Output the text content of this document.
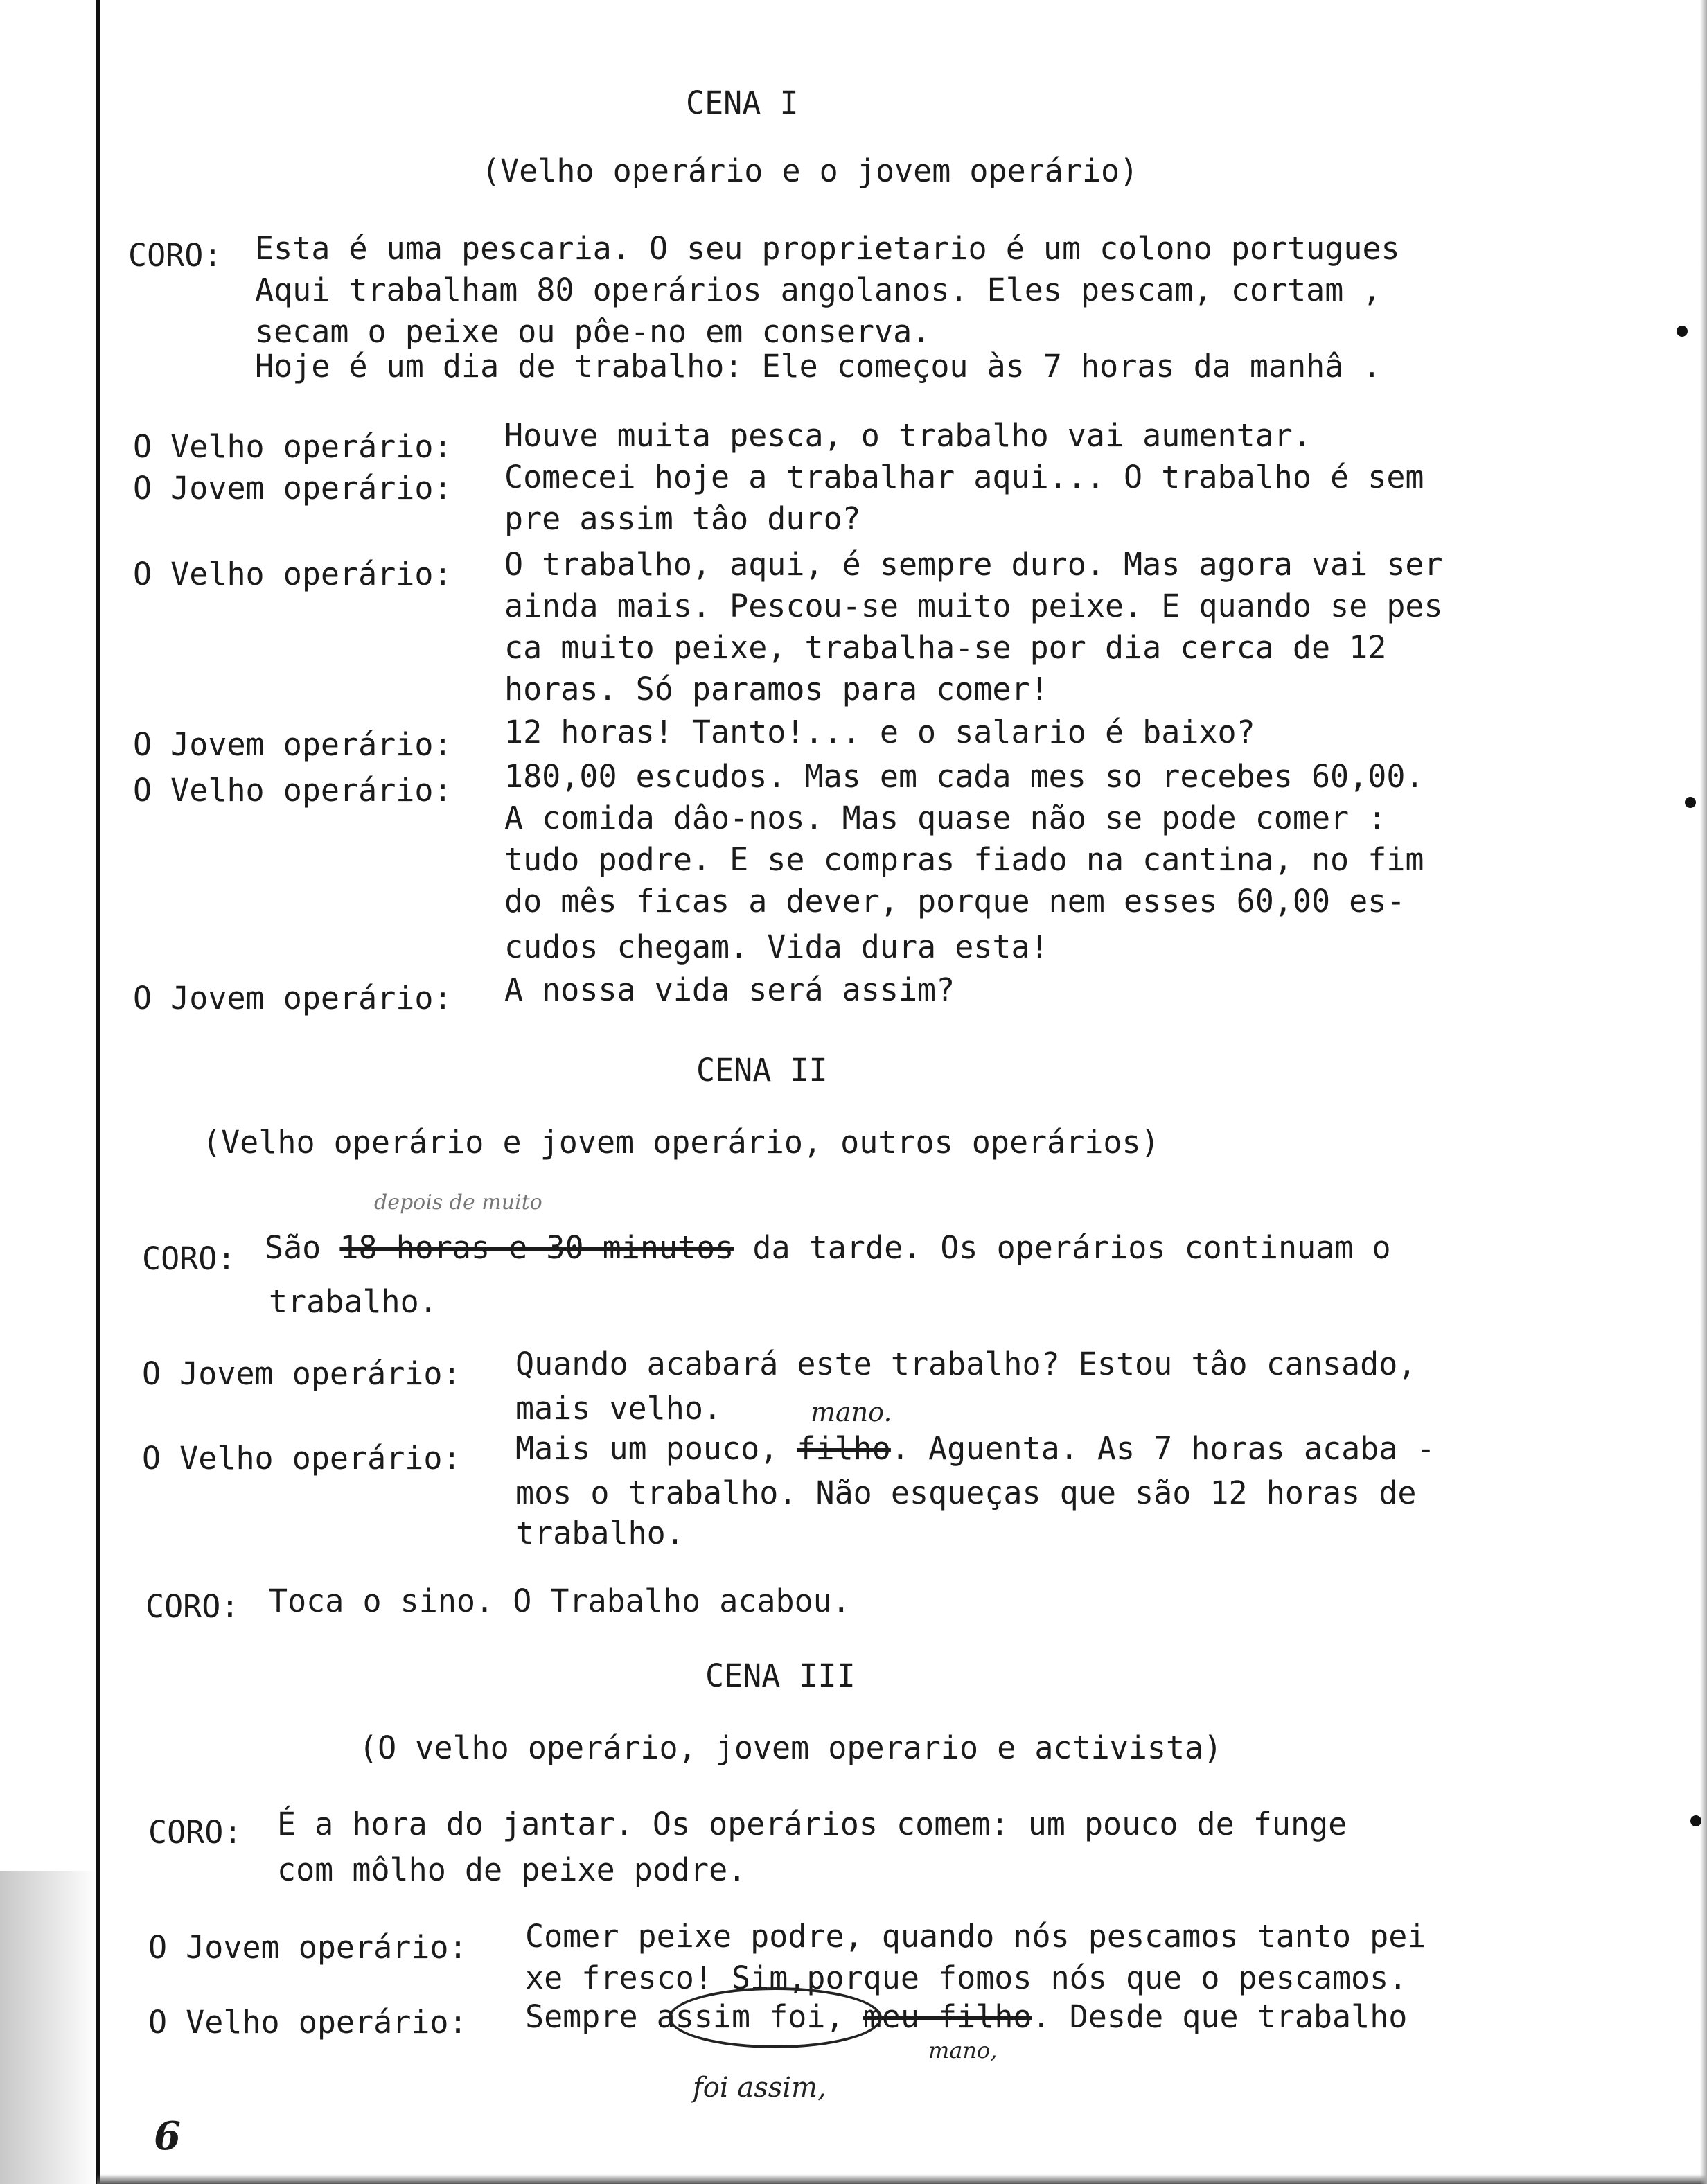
CENA I
(Velho operário e o jovem operário)
CORO: Esta é uma pescaria. O seu proprietario é um colono portugues
Aqui trabalham 80 operários angolanos. Eles pescam, cortam ,
secam o peixe ou pôe-no em conserva.
Hoje é um dia de trabalho: Ele começou às 7 horas da manhâ .
O Velho operário: Houve muita pesca, o trabalho vai aumentar.
O Jovem operário: Comecei hoje a trabalhar aqui... O trabalho é sem
pre assim tâo duro?
O Velho operário: O trabalho, aqui, é sempre duro. Mas agora vai ser
ainda mais. Pescou-se muito peixe. E quando se pes
ca muito peixe, trabalha-se por dia cerca de 12
horas. Só paramos para comer!
O Jovem operário: 12 horas! Tanto!... e o salario é baixo?
O Velho operário: 180,00 escudos. Mas em cada mes so recebes 60,00.
A comida dâo-nos. Mas quase não se pode comer :
tudo podre. E se compras fiado na cantina, no fim
do mês ficas a dever, porque nem esses 60,00 es-
cudos chegam. Vida dura esta!
O Jovem operário: A nossa vida será assim?
CENA II
(Velho operário e jovem operário, outros operários)
depois de muito
CORO: São 18 horas e 30 minutos da tarde. Os operários continuam o
trabalho.
O Jovem operário: Quando acabará este trabalho? Estou tâo cansado,
mais velho.	mano.
O Velho operário: Mais um pouco, filho. Aguenta. As 7 horas acaba -
mos o trabalho. Não esqueças que são 12 horas de
trabalho.
CORO: Toca o sino. O Trabalho acabou.
CENA III
(O velho operário, jovem operario e activista)
CORO: É a hora do jantar. Os operários comem: um pouco de funge
com môlho de peixe podre.
O Jovem operário: Comer peixe podre, quando nós pescamos tanto pei
xe fresco! Sim,porque fomos nós que o pescamos.
O Velho operário: Sempre assim foi, meu filho. Desde que trabalho
mano,
foi assim,
6
